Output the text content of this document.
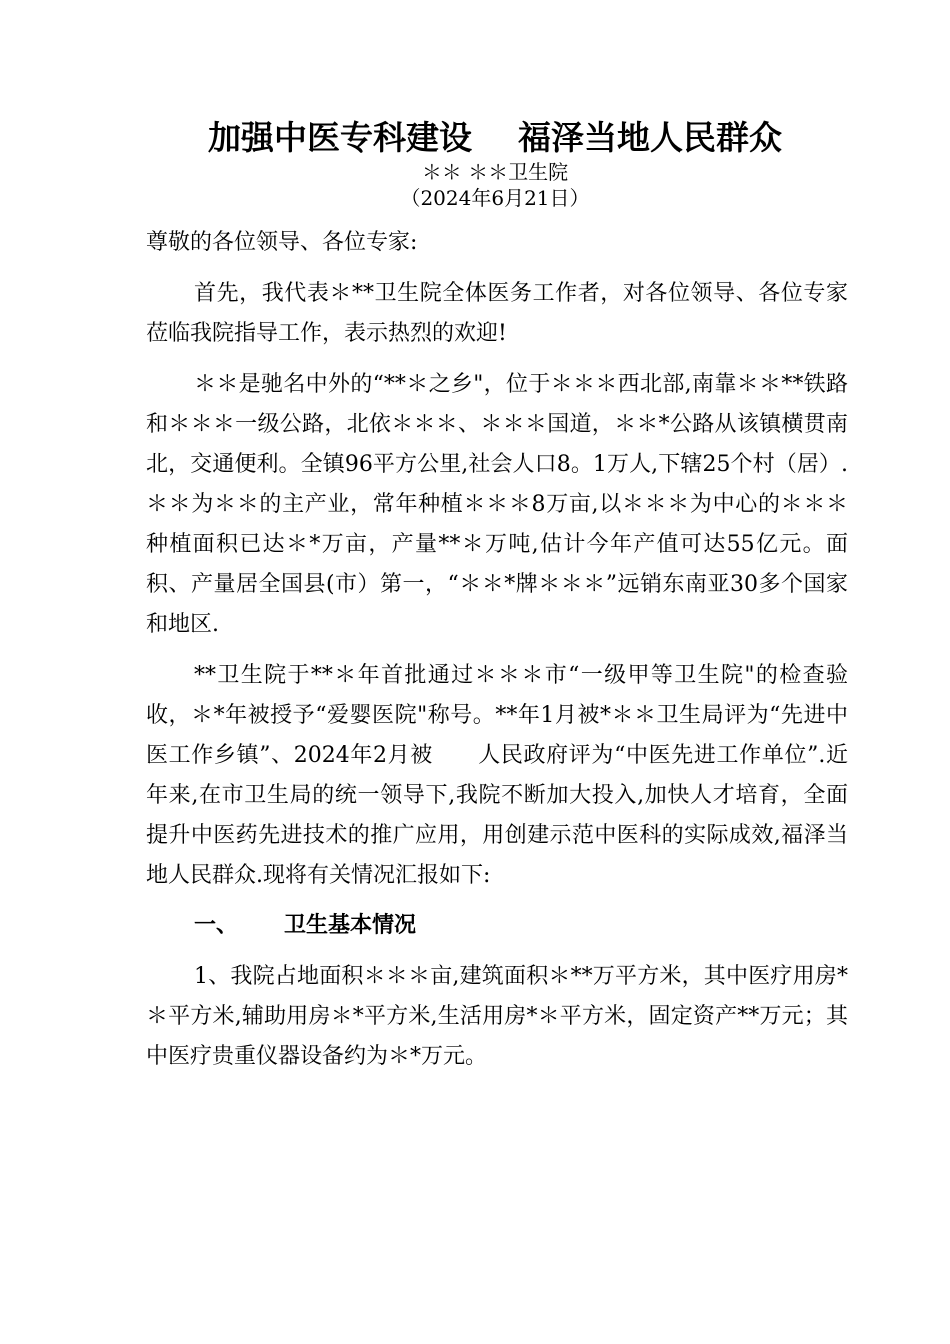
加强中医专科建设    福泽当地人民群众
＊＊ ＊＊卫生院
（2024年6月21日）

尊敬的各位领导、各位专家:

首先，我代表＊**卫生院全体医务工作者，对各位领导、各位专家莅临我院指导工作，表示热烈的欢迎!

＊＊是驰名中外的“**＊之乡"，位于＊＊＊西北部,南靠＊＊**铁路和＊＊＊一级公路，北依＊＊＊、＊＊＊国道，＊＊*公路从该镇横贯南北，交通便利。全镇96平方公里,社会人口8。1万人,下辖25个村（居）.＊＊为＊＊的主产业，常年种植＊＊＊8万亩,以＊＊＊为中心的＊＊＊种植面积已达＊*万亩，产量**＊万吨,估计今年产值可达55亿元。面积、产量居全国县(市）第一，“＊＊*牌＊＊＊”远销东南亚30多个国家和地区.

**卫生院于**＊年首批通过＊＊＊市“一级甲等卫生院"的检查验收，＊*年被授予“爱婴医院"称号。**年1月被*＊＊卫生局评为“先进中医工作乡镇”、2024年2月被　　人民政府评为“中医先进工作单位”.近年来,在市卫生局的统一领导下,我院不断加大投入,加快人才培育，全面提升中医药先进技术的推广应用，用创建示范中医科的实际成效,福泽当地人民群众.现将有关情况汇报如下:

一、      卫生基本情况

1、我院占地面积＊＊＊亩,建筑面积＊**万平方米，其中医疗用房*＊平方米,辅助用房＊*平方米,生活用房*＊平方米，固定资产**万元；其中医疗贵重仪器设备约为＊*万元。
